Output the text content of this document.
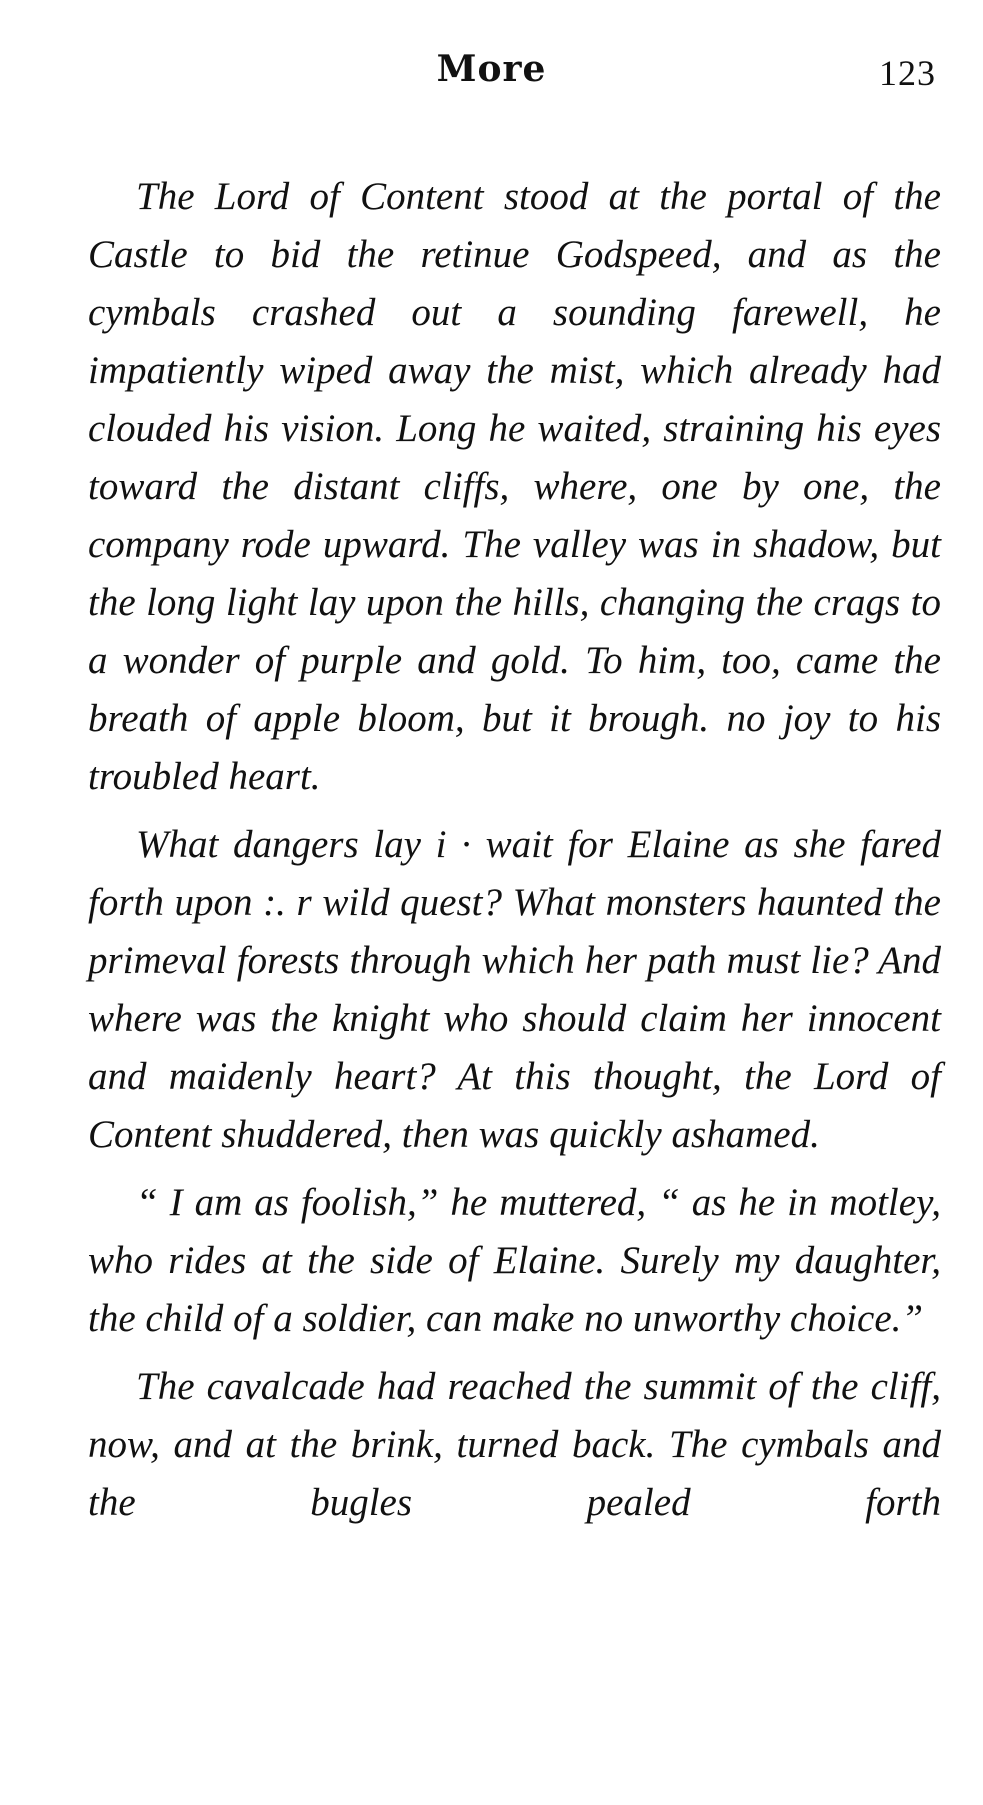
More	123

The Lord of Content stood at the portal of the Castle to bid the retinue Godspeed, and as the cymbals crashed out a sounding farewell, he impatiently wiped away the mist, which already had clouded his vision. Long he waited, straining his eyes toward the distant cliffs, where, one by one, the company rode upward. The valley was in shadow, but the long light lay upon the hills, changing the crags to a wonder of purple and gold. To him, too, came the breath of apple bloom, but it brough. no joy to his troubled heart.

What dangers lay i · wait for Elaine as she fared forth upon :. r wild quest? What monsters haunted the primeval forests through which her path must lie? And where was the knight who should claim her innocent and maidenly heart? At this thought, the Lord of Content shuddered, then was quickly ashamed.

“ I am as foolish,” he muttered, “ as he in motley, who rides at the side of Elaine. Surely my daughter, the child of a soldier, can make no unworthy choice.”

The cavalcade had reached the summit of the cliff, now, and at the brink, turned back. The cymbals and the bugles pealed forth
